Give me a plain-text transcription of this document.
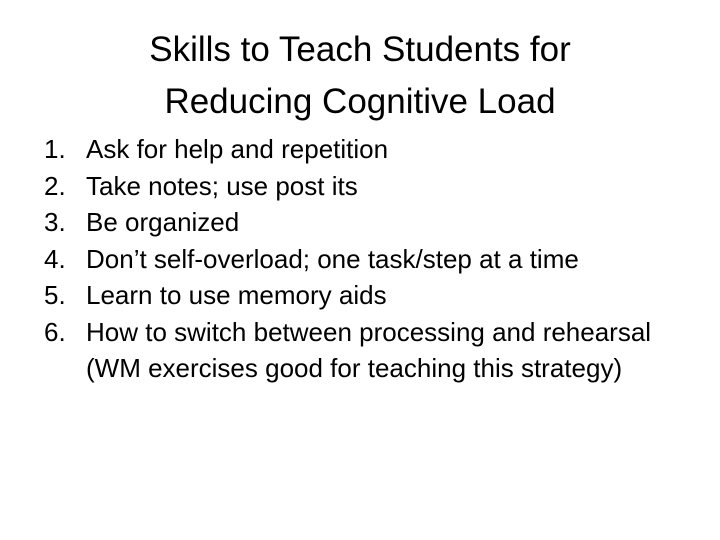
Skills to Teach Students for
Reducing Cognitive Load
1. Ask for help and repetition
2. Take notes; use post its
3. Be organized
4. Don’t self-overload; one task/step at a time
5. Learn to use memory aids
6. How to switch between processing and rehearsal (WM exercises good for teaching this strategy)
